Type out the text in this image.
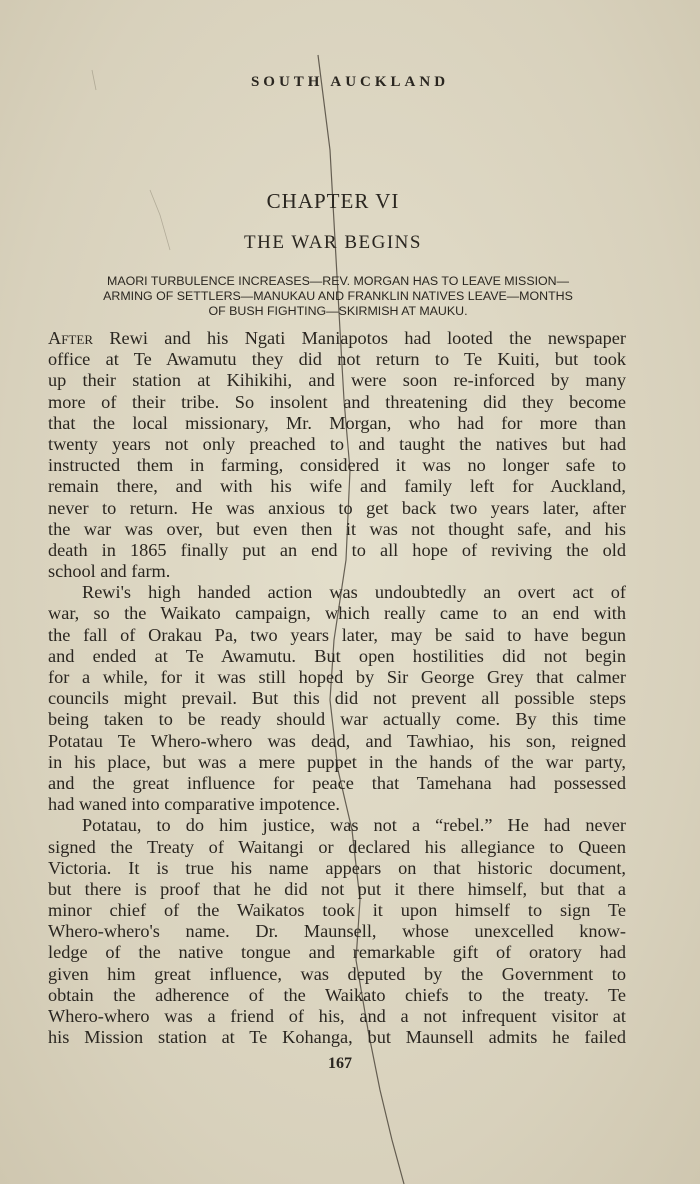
SOUTH AUCKLAND
CHAPTER VI
THE WAR BEGINS
MAORI TURBULENCE INCREASES—REV. MORGAN HAS TO LEAVE MISSION—
ARMING OF SETTLERS—MANUKAU AND FRANKLIN NATIVES LEAVE—MONTHS
OF BUSH FIGHTING—SKIRMISH AT MAUKU.
After Rewi and his Ngati Maniapotos had looted the newspaper
office at Te Awamutu they did not return to Te Kuiti, but took
up their station at Kihikihi, and were soon re-inforced by many
more of their tribe. So insolent and threatening did they become
that the local missionary, Mr. Morgan, who had for more than
twenty years not only preached to and taught the natives but had
instructed them in farming, considered it was no longer safe to
remain there, and with his wife and family left for Auckland,
never to return. He was anxious to get back two years later, after
the war was over, but even then it was not thought safe, and his
death in 1865 finally put an end to all hope of reviving the old
school and farm.
Rewi's high handed action was undoubtedly an overt act of
war, so the Waikato campaign, which really came to an end with
the fall of Orakau Pa, two years later, may be said to have begun
and ended at Te Awamutu. But open hostilities did not begin
for a while, for it was still hoped by Sir George Grey that calmer
councils might prevail. But this did not prevent all possible steps
being taken to be ready should war actually come. By this time
Potatau Te Whero-whero was dead, and Tawhiao, his son, reigned
in his place, but was a mere puppet in the hands of the war party,
and the great influence for peace that Tamehana had possessed
had waned into comparative impotence.
Potatau, to do him justice, was not a “rebel.” He had never
signed the Treaty of Waitangi or declared his allegiance to Queen
Victoria. It is true his name appears on that historic document,
but there is proof that he did not put it there himself, but that a
minor chief of the Waikatos took it upon himself to sign Te
Whero-whero's name. Dr. Maunsell, whose unexcelled know-
ledge of the native tongue and remarkable gift of oratory had
given him great influence, was deputed by the Government to
obtain the adherence of the Waikato chiefs to the treaty. Te
Whero-whero was a friend of his, and a not infrequent visitor at
his Mission station at Te Kohanga, but Maunsell admits he failed
167
